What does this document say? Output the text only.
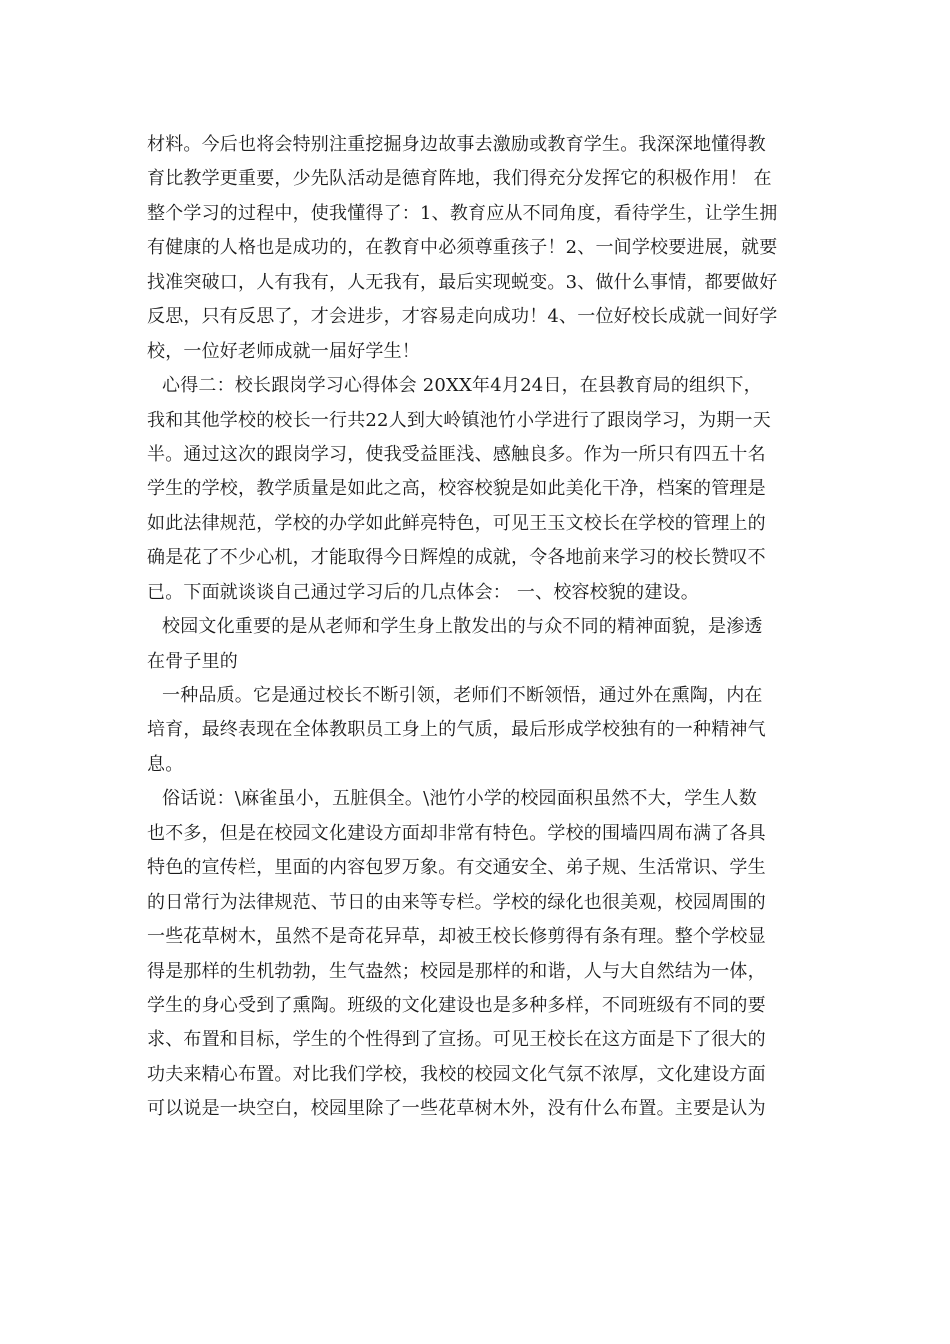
材料。今后也将会特别注重挖掘身边故事去激励或教育学生。我深深地懂得教
育比教学更重要，少先队活动是德育阵地，我们得充分发挥它的积极作用！ 在
整个学习的过程中，使我懂得了：1、教育应从不同角度，看待学生，让学生拥
有健康的人格也是成功的，在教育中必须尊重孩子！2、一间学校要进展，就要
找准突破口，人有我有，人无我有，最后实现蜕变。3、做什么事情，都要做好
反思，只有反思了，才会进步，才容易走向成功！4、一位好校长成就一间好学
校，一位好老师成就一届好学生！
心得二：校长跟岗学习心得体会 20XX年4月24日，在县教育局的组织下，
我和其他学校的校长一行共22人到大岭镇池竹小学进行了跟岗学习，为期一天
半。通过这次的跟岗学习，使我受益匪浅、感触良多。作为一所只有四五十名
学生的学校，教学质量是如此之高，校容校貌是如此美化干净，档案的管理是
如此法律规范，学校的办学如此鲜亮特色，可见王玉文校长在学校的管理上的
确是花了不少心机，才能取得今日辉煌的成就，令各地前来学习的校长赞叹不
已。下面就谈谈自己通过学习后的几点体会： 一、校容校貌的建设。
校园文化重要的是从老师和学生身上散发出的与众不同的精神面貌，是渗透
在骨子里的
一种品质。它是通过校长不断引领，老师们不断领悟，通过外在熏陶，内在
培育，最终表现在全体教职员工身上的气质，最后形成学校独有的一种精神气
息。
俗话说：\麻雀虽小，五脏俱全。\池竹小学的校园面积虽然不大，学生人数
也不多，但是在校园文化建设方面却非常有特色。学校的围墙四周布满了各具
特色的宣传栏，里面的内容包罗万象。有交通安全、弟子规、生活常识、学生
的日常行为法律规范、节日的由来等专栏。学校的绿化也很美观，校园周围的
一些花草树木，虽然不是奇花异草，却被王校长修剪得有条有理。整个学校显
得是那样的生机勃勃，生气盎然；校园是那样的和谐，人与大自然结为一体，
学生的身心受到了熏陶。班级的文化建设也是多种多样，不同班级有不同的要
求、布置和目标，学生的个性得到了宣扬。可见王校长在这方面是下了很大的
功夫来精心布置。对比我们学校，我校的校园文化气氛不浓厚，文化建设方面
可以说是一块空白，校园里除了一些花草树木外，没有什么布置。主要是认为
